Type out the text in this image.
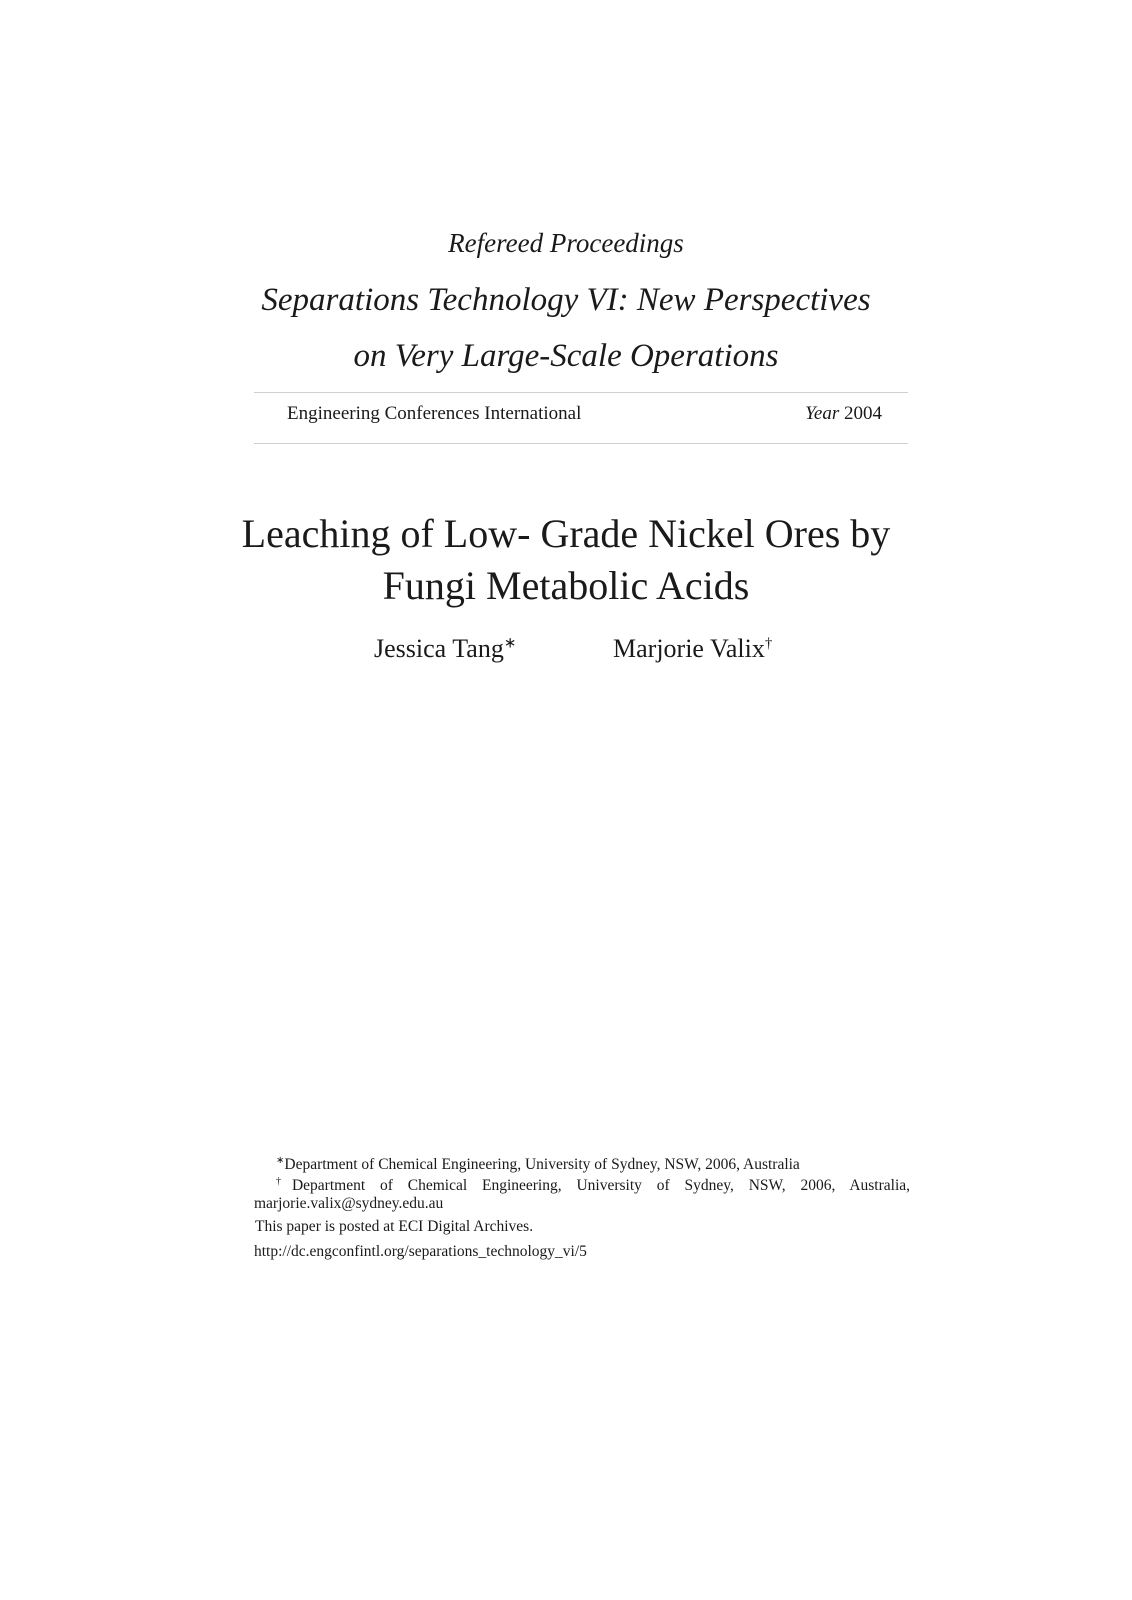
Refereed Proceedings
Separations Technology VI: New Perspectives
on Very Large-Scale Operations
Engineering Conferences International	Year 2004
Leaching of Low- Grade Nickel Ores by
Fungi Metabolic Acids
Jessica Tang∗	Marjorie Valix†
∗Department of Chemical Engineering, University of Sydney, NSW, 2006, Australia
†Department of Chemical Engineering, University of Sydney, NSW, 2006, Australia, marjorie.valix@sydney.edu.au
This paper is posted at ECI Digital Archives.
http://dc.engconfintl.org/separations_technology_vi/5
